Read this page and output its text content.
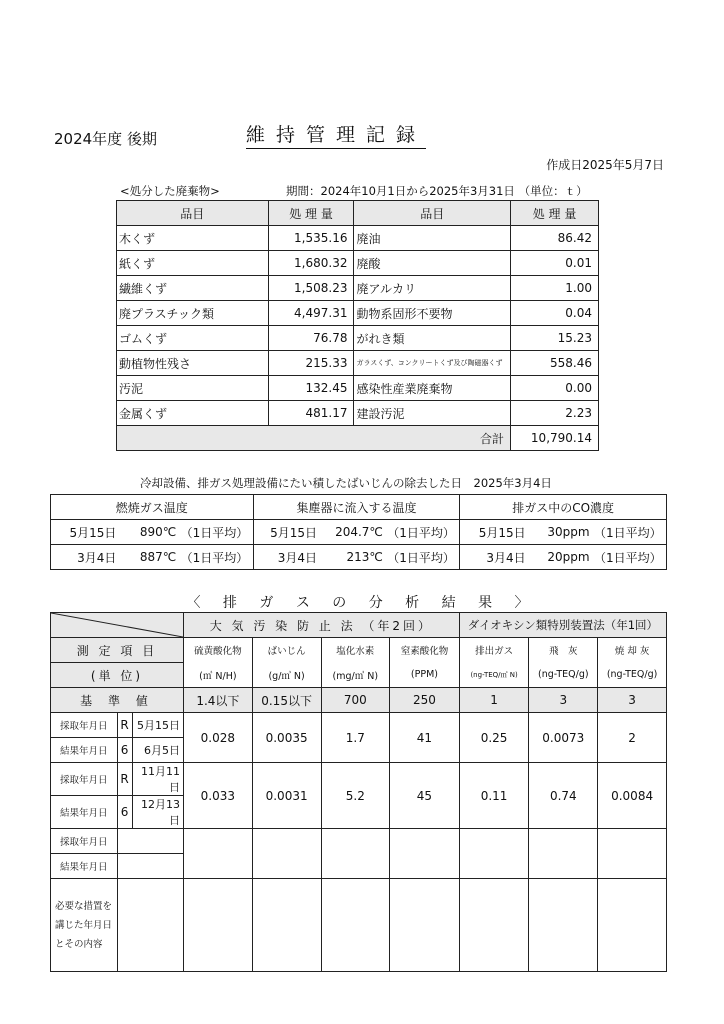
2024年度 後期	維持管理記録
作成日2025年5月7日
<処分した廃棄物>	期間：2024年10月1日から2025年3月31日 （単位：ｔ）
品目	処 理 量	品目	処 理 量
木くず	1,535.16	廃油	86.42
紙くず	1,680.32	廃酸	0.01
繊維くず	1,508.23	廃アルカリ	1.00
廃プラスチック類	4,497.31	動物系固形不要物	0.04
ゴムくず	76.78	がれき類	15.23
動植物性残さ	215.33	ガラスくず、コンクリートくず及び陶磁器くず	558.46
汚泥	132.45	感染性産業廃棄物	0.00
金属くず	481.17	建設汚泥	2.23
合計			10,790.14
冷却設備、排ガス処理設備にたい積したばいじんの除去した日　2025年3月4日
燃焼ガス温度			集塵器に流入する温度			排ガス中のCO濃度		
5月15日	890℃	（1日平均）	5月15日	204.7℃	（1日平均）	5月15日	30ppm	（1日平均）
3月4日	887℃	（1日平均）	3月4日	213℃	（1日平均）	3月4日	20ppm	（1日平均）
〈 排 ガ ス の 分 析 結 果 〉
	大 気 汚 染 防 止 法 （年2回）				ダイオキシン類特別装置法（年1回）		
測 定 項 目			硫黄酸化物	ばいじん	塩化水素	窒素酸化物	排出ガス	飛　灰	焼 却 灰
(単 位)			(㎥ N/H)	(g/㎥ N)	(mg/㎥ N)	(PPM)	(ng-TEQ/㎥ N)	(ng-TEQ/g)	(ng-TEQ/g)
基 準 値			1.4以下	0.15以下	700	250	1	3	3
採取年月日	R	5月15日	0.028	0.0035	1.7	41	0.25	0.0073	2
結果年月日	6	6月5日							
採取年月日	R	11月11日	0.033	0.0031	5.2	45	0.11	0.74	0.0084
結果年月日	6	12月13日							
採取年月日									
結果年月日									
必要な措置を講じた年月日とその内容									
